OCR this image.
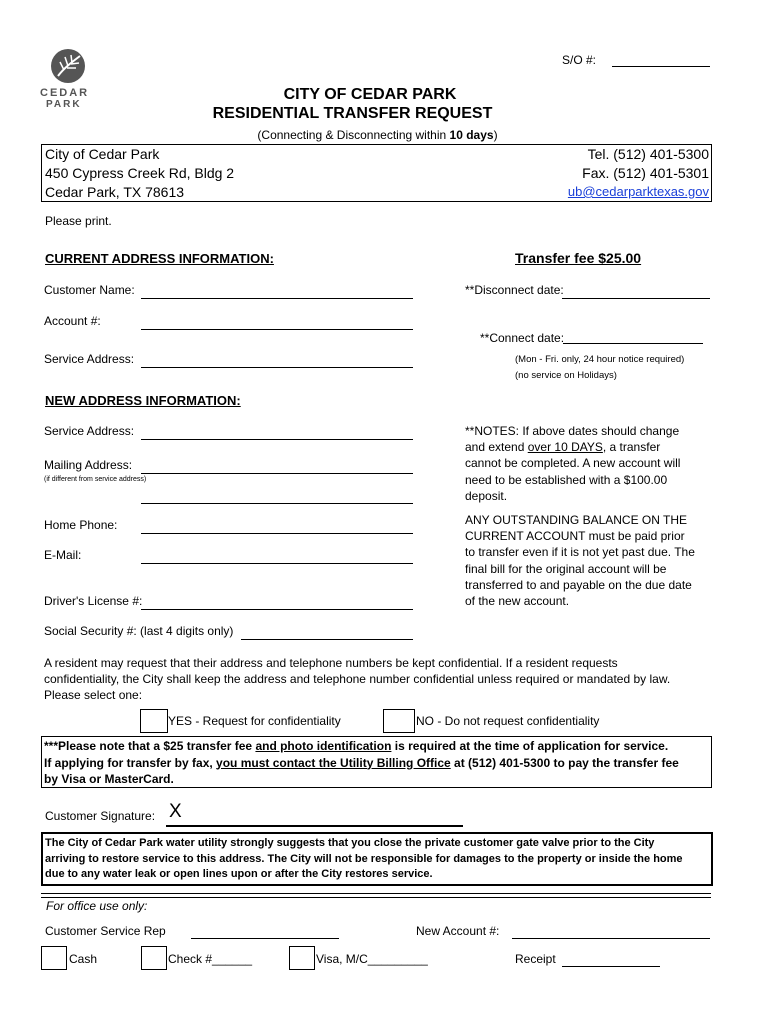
S/O #:
CEDAR
PARK
CITY OF CEDAR PARK
RESIDENTIAL TRANSFER REQUEST
(Connecting & Disconnecting within 10 days)
City of Cedar Park
450 Cypress Creek Rd, Bldg 2
Cedar Park, TX 78613
Tel. (512) 401-5300
Fax. (512) 401-5301
ub@cedarparktexas.gov
Please print.
CURRENT ADDRESS INFORMATION:	Transfer fee $25.00
Customer Name:
Account #:
Service Address:
**Disconnect date:
**Connect date:
(Mon - Fri. only, 24 hour notice required)
(no service on Holidays)
NEW ADDRESS INFORMATION:
Service Address:
Mailing Address:
(if different from service address)
Home Phone:
E-Mail:
Driver's License #:
Social Security #: (last 4 digits only)
**NOTES: If above dates should change
and extend over 10 DAYS, a transfer
cannot be completed. A new account will
need to be established with a $100.00
deposit.
ANY OUTSTANDING BALANCE ON THE
CURRENT ACCOUNT must be paid prior
to transfer even if it is not yet past due. The
final bill for the original account will be
transferred to and payable on the due date
of the new account.
A resident may request that their address and telephone numbers be kept confidential. If a resident requests
confidentiality, the City shall keep the address and telephone number confidential unless required or mandated by law.
Please select one:
YES - Request for confidentiality	NO - Do not request confidentiality
***Please note that a $25 transfer fee and photo identification is required at the time of application for service.
If applying for transfer by fax, you must contact the Utility Billing Office at (512) 401-5300 to pay the transfer fee
by Visa or MasterCard.
Customer Signature: X
The City of Cedar Park water utility strongly suggests that you close the private customer gate valve prior to the City
arriving to restore service to this address. The City will not be responsible for damages to the property or inside the home
due to any water leak or open lines upon or after the City restores service.
For office use only:
Customer Service Rep	New Account #:
Cash	Check #______	Visa, M/C_________	Receipt
